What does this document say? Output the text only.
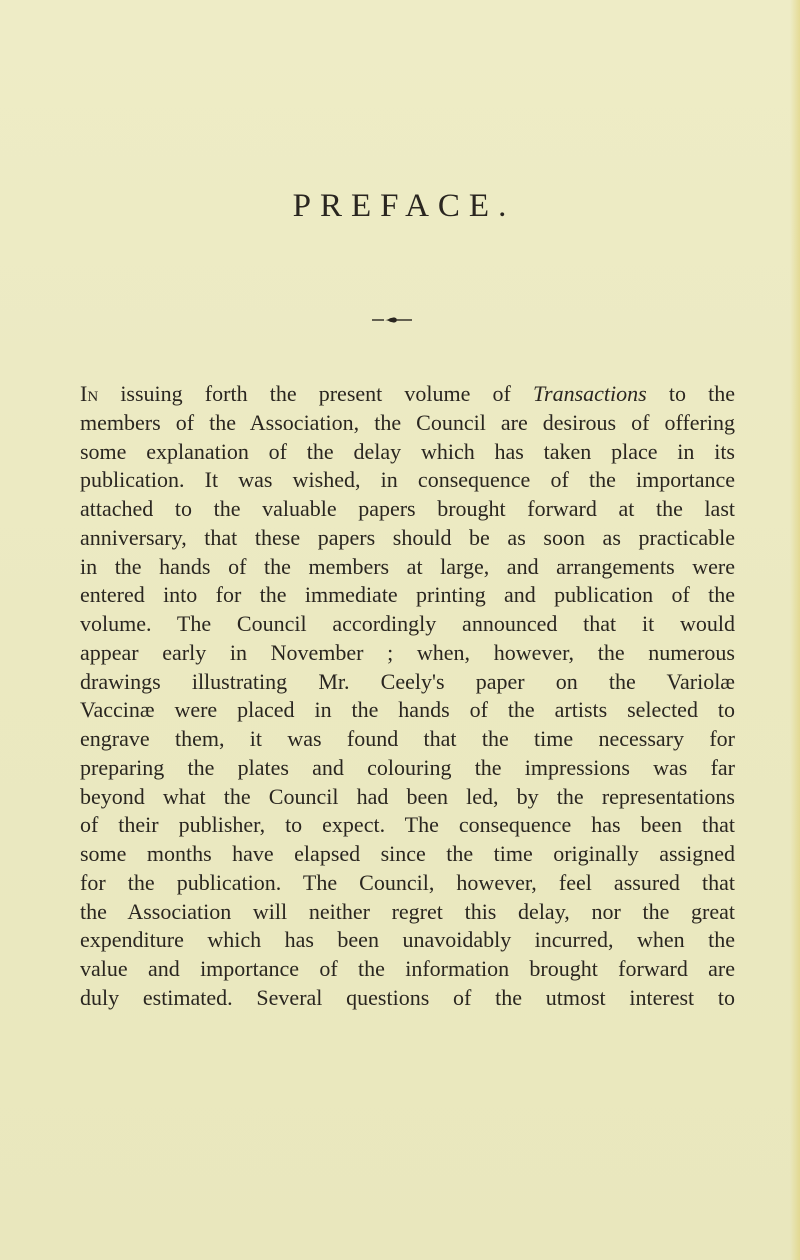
PREFACE.
In issuing forth the present volume of Transactions to the
members of the Association, the Council are desirous of offering
some explanation of the delay which has taken place in its
publication. It was wished, in consequence of the importance
attached to the valuable papers brought forward at the last
anniversary, that these papers should be as soon as practicable
in the hands of the members at large, and arrangements were
entered into for the immediate printing and publication of the
volume. The Council accordingly announced that it would
appear early in November ; when, however, the numerous
drawings illustrating Mr. Ceely's paper on the Variolæ
Vaccinæ were placed in the hands of the artists selected to
engrave them, it was found that the time necessary for
preparing the plates and colouring the impressions was far
beyond what the Council had been led, by the representations
of their publisher, to expect. The consequence has been that
some months have elapsed since the time originally assigned
for the publication. The Council, however, feel assured that
the Association will neither regret this delay, nor the great
expenditure which has been unavoidably incurred, when the
value and importance of the information brought forward are
duly estimated. Several questions of the utmost interest to
